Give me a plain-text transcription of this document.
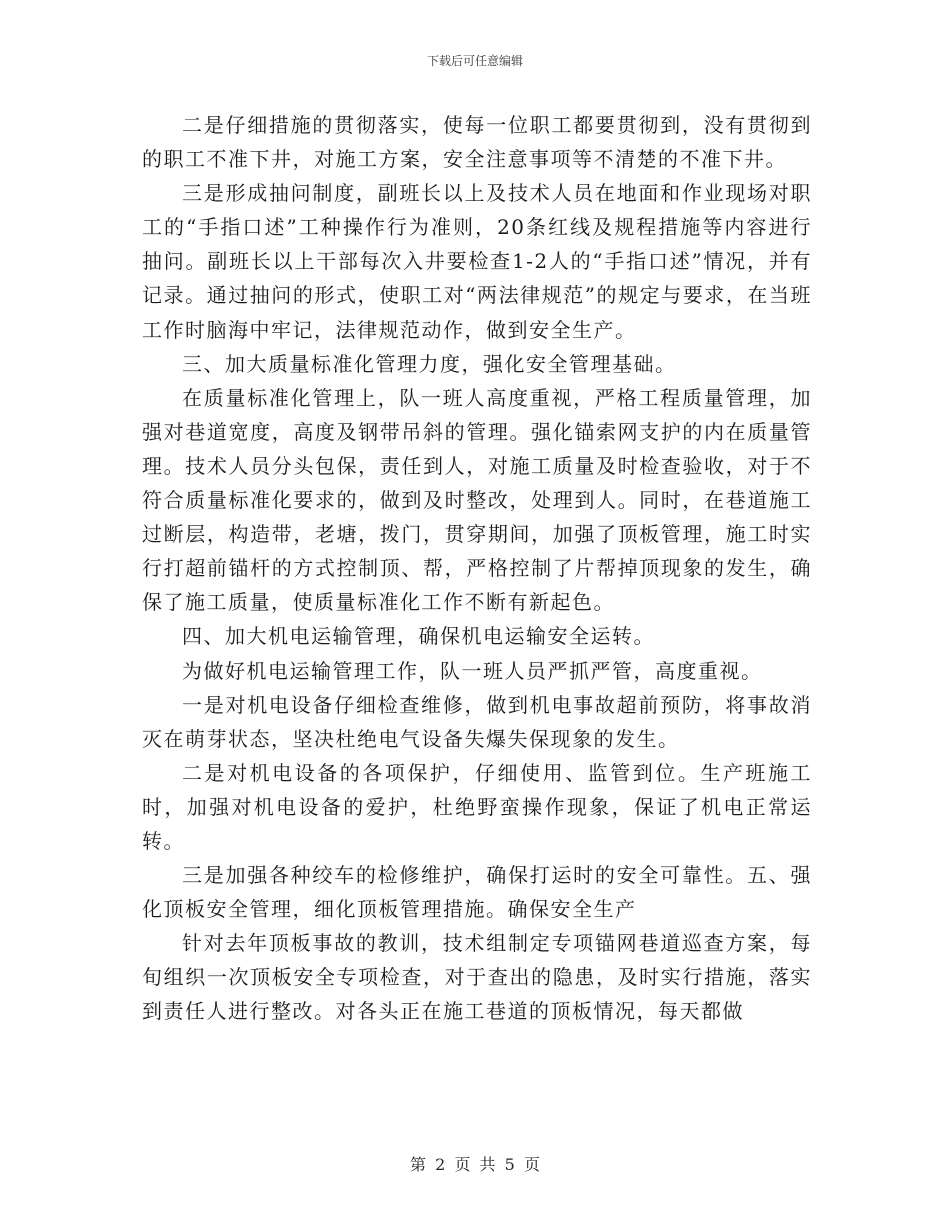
下载后可任意编辑

二是仔细措施的贯彻落实，使每一位职工都要贯彻到，没有贯彻到的职工不准下井，对施工方案，安全注意事项等不清楚的不准下井。

三是形成抽问制度，副班长以上及技术人员在地面和作业现场对职工的“手指口述”工种操作行为准则，20条红线及规程措施等内容进行抽问。副班长以上干部每次入井要检查1-2人的“手指口述”情况，并有记录。通过抽问的形式，使职工对“两法律规范”的规定与要求，在当班工作时脑海中牢记，法律规范动作，做到安全生产。

三、加大质量标准化管理力度，强化安全管理基础。

在质量标准化管理上，队一班人高度重视，严格工程质量管理，加强对巷道宽度，高度及钢带吊斜的管理。强化锚索网支护的内在质量管理。技术人员分头包保，责任到人，对施工质量及时检查验收，对于不符合质量标准化要求的，做到及时整改，处理到人。同时，在巷道施工过断层，构造带，老塘，拨门，贯穿期间，加强了顶板管理，施工时实行打超前锚杆的方式控制顶、帮，严格控制了片帮掉顶现象的发生，确保了施工质量，使质量标准化工作不断有新起色。

四、加大机电运输管理，确保机电运输安全运转。

为做好机电运输管理工作，队一班人员严抓严管，高度重视。

一是对机电设备仔细检查维修，做到机电事故超前预防，将事故消灭在萌芽状态，坚决杜绝电气设备失爆失保现象的发生。

二是对机电设备的各项保护，仔细使用、监管到位。生产班施工时，加强对机电设备的爱护，杜绝野蛮操作现象，保证了机电正常运转。

三是加强各种绞车的检修维护，确保打运时的安全可靠性。五、强化顶板安全管理，细化顶板管理措施。确保安全生产

针对去年顶板事故的教训，技术组制定专项锚网巷道巡查方案，每旬组织一次顶板安全专项检查，对于查出的隐患，及时实行措施，落实到责任人进行整改。对各头正在施工巷道的顶板情况，每天都做

第 2 页 共 5 页
